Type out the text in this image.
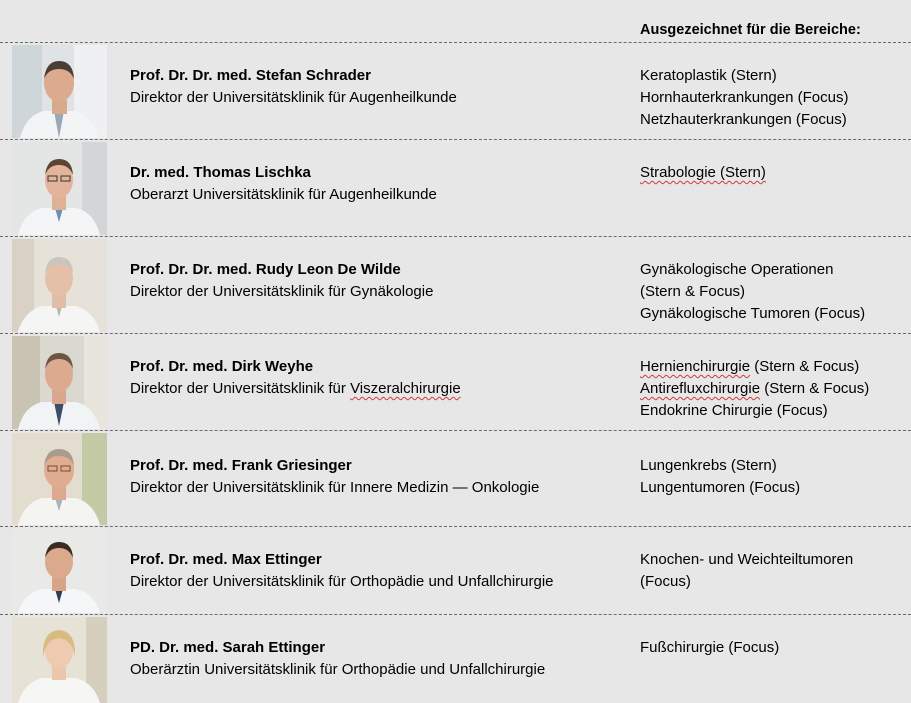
Ausgezeichnet für die Bereiche:
Prof. Dr. Dr. med. Stefan Schrader
Direktor der Universitätsklinik für Augenheilkunde
Keratoplastik (Stern)
Hornhauterkrankungen (Focus)
Netzhauterkrankungen (Focus)
Dr. med. Thomas Lischka
Oberarzt Universitätsklinik für Augenheilkunde
Strabologie (Stern)
Prof. Dr. Dr. med. Rudy Leon De Wilde
Direktor der Universitätsklinik für Gynäkologie
Gynäkologische Operationen
(Stern & Focus)
Gynäkologische Tumoren (Focus)
Prof. Dr. med. Dirk Weyhe
Direktor der Universitätsklinik für Viszeralchirurgie
Hernienchirurgie (Stern & Focus)
Antirefluxchirurgie (Stern & Focus)
Endokrine Chirurgie (Focus)
Prof. Dr. med. Frank Griesinger
Direktor der Universitätsklinik für Innere Medizin — Onkologie
Lungenkrebs (Stern)
Lungentumoren (Focus)
Prof. Dr. med. Max Ettinger
Direktor der Universitätsklinik für Orthopädie und Unfallchirurgie
Knochen- und Weichteiltumoren
(Focus)
PD. Dr. med. Sarah Ettinger
Oberärztin Universitätsklinik für Orthopädie und Unfallchirurgie
Fußchirurgie (Focus)
